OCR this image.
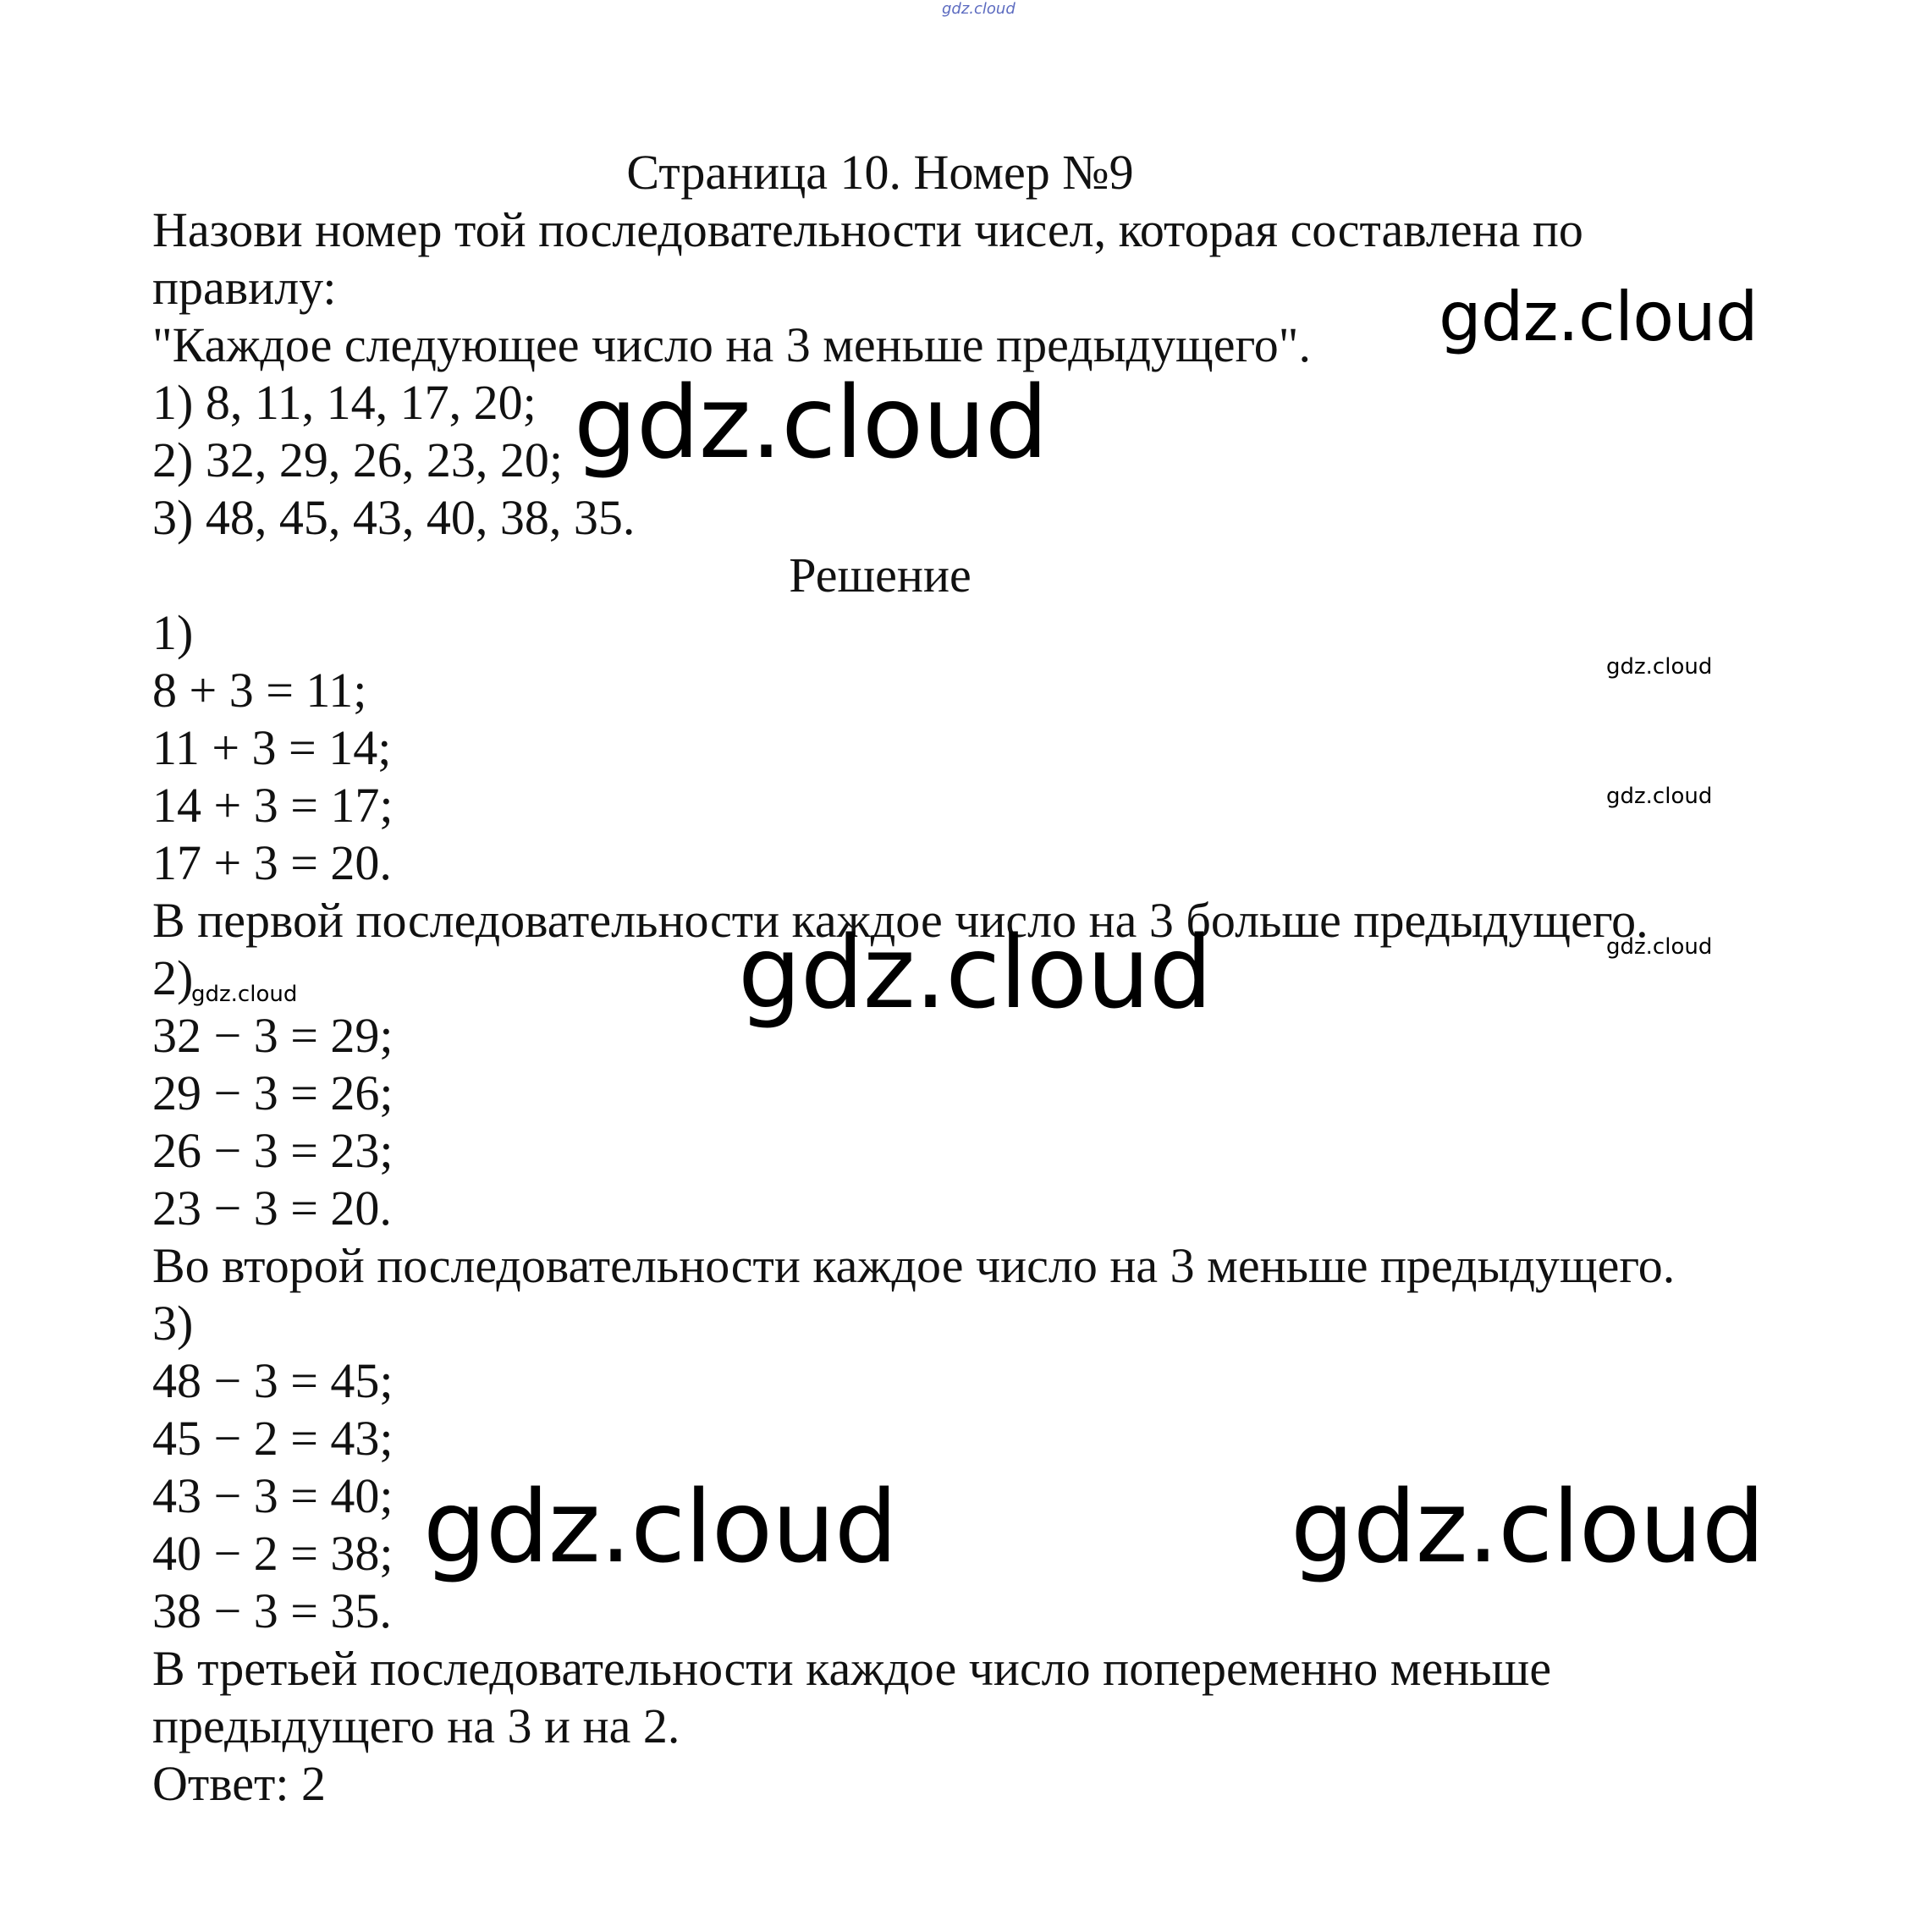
gdz.cloud
Страница 10. Номер №9
Назови номер той последовательности чисел, которая составлена по
правилу:
"Каждое следующее число на 3 меньше предыдущего".
1) 8, 11, 14, 17, 20;
2) 32, 29, 26, 23, 20;
3) 48, 45, 43, 40, 38, 35.
Решение
1)
8 + 3 = 11;
11 + 3 = 14;
14 + 3 = 17;
17 + 3 = 20.
В первой последовательности каждое число на 3 больше предыдущего.
2)
32 − 3 = 29;
29 − 3 = 26;
26 − 3 = 23;
23 − 3 = 20.
Во второй последовательности каждое число на 3 меньше предыдущего.
3)
48 − 3 = 45;
45 − 2 = 43;
43 − 3 = 40;
40 − 2 = 38;
38 − 3 = 35.
В третьей последовательности каждое число попеременно меньше
предыдущего на 3 и на 2.
Ответ: 2
gdz.cloud
gdz.cloud
gdz.cloud
gdz.cloud	gdz.cloud
gdz.cloud
gdz.cloud
gdz.cloud
gdz.cloud
